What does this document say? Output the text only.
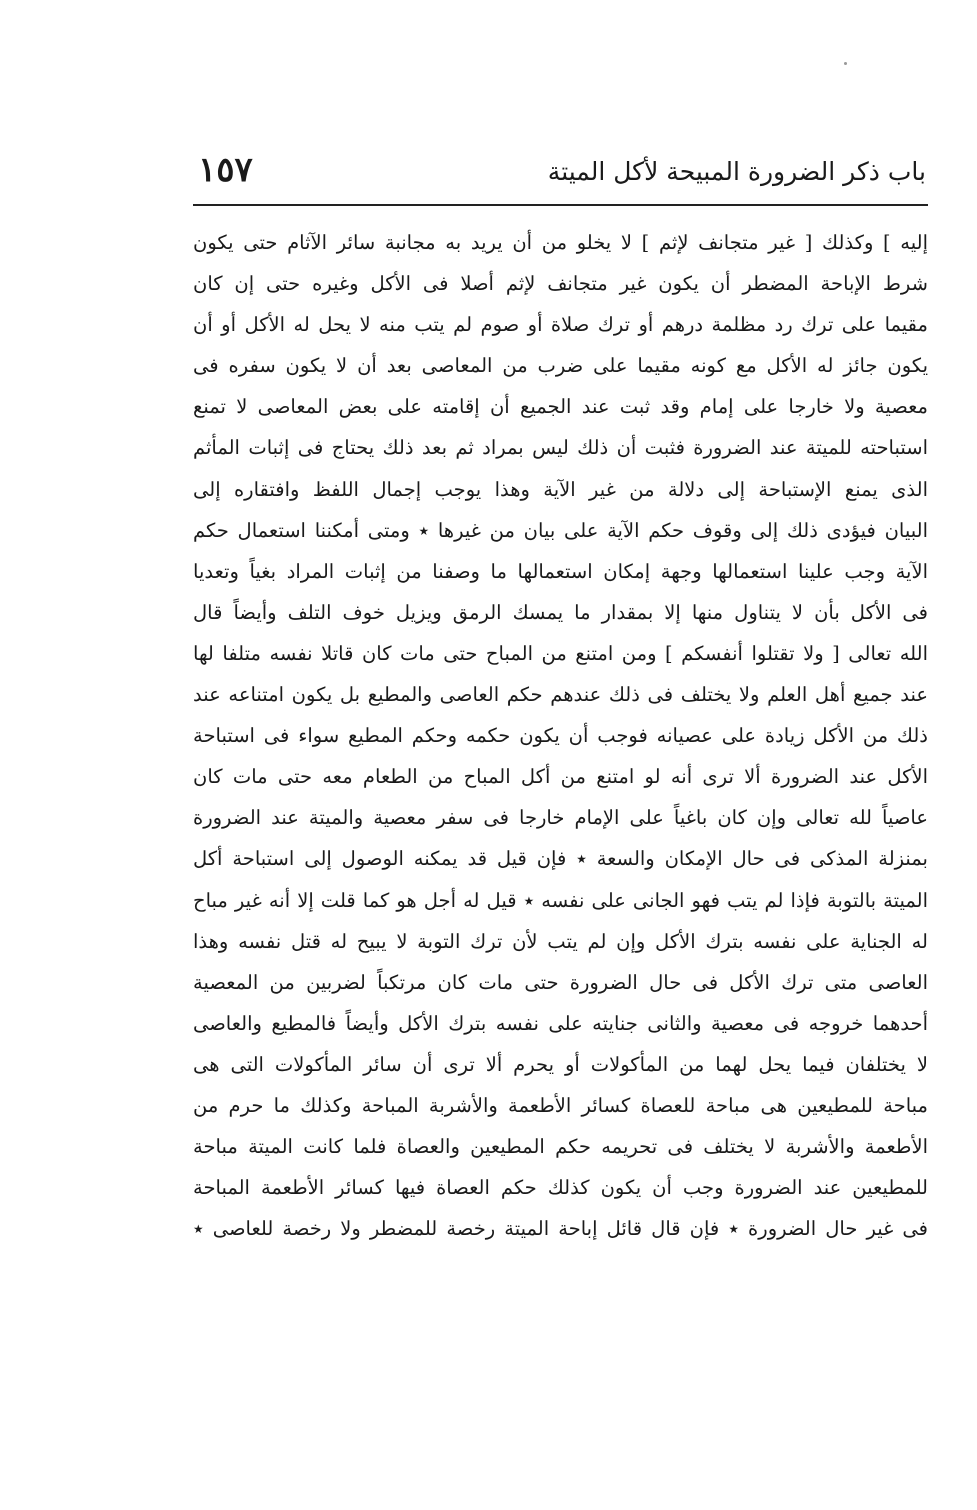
باب ذكر الضرورة المبيحة لأكل الميتة
١٥٧
إليه ] وكذلك [ غير متجانف لإثم ] لا يخلو من أن يريد به مجانبة سائر الآثام حتى يكون
شرط الإباحة المضطر أن يكون غير متجانف لإثم أصلا فى الأكل وغيره حتى إن كان
مقيما على ترك رد مظلمة درهم أو ترك صلاة أو صوم لم يتب منه لا يحل له الأكل أو أن
يكون جائز له الأكل مع كونه مقيما على ضرب من المعاصى بعد أن لا يكون سفره فى
معصية ولا خارجا على إمام وقد ثبت عند الجميع أن إقامته على بعض المعاصى لا تمنع
استباحته للميتة عند الضرورة فثبت أن ذلك ليس بمراد ثم بعد ذلك يحتاج فى إثبات المأثم
الذى يمنع الإستباحة إلى دلالة من غير الآية وهذا يوجب إجمال اللفظ وافتقاره إلى
البيان فيؤدى ذلك إلى وقوف حكم الآية على بيان من غيرها ٭ ومتى أمكننا استعمال حكم
الآية وجب علينا استعمالها وجهة إمكان استعمالها ما وصفنا من إثبات المراد بغياً وتعديا
فى الأكل بأن لا يتناول منها إلا بمقدار ما يمسك الرمق ويزيل خوف التلف وأيضاً قال
الله تعالى [ ولا تقتلوا أنفسكم ] ومن امتنع من المباح حتى مات كان قاتلا نفسه متلفا لها
عند جميع أهل العلم ولا يختلف فى ذلك عندهم حكم العاصى والمطيع بل يكون امتناعه عند
ذلك من الأكل زيادة على عصيانه فوجب أن يكون حكمه وحكم المطيع سواء فى استباحة
الأكل عند الضرورة ألا ترى أنه لو امتنع من أكل المباح من الطعام معه حتى مات كان
عاصياً لله تعالى وإن كان باغياً على الإمام خارجا فى سفر معصية والميتة عند الضرورة
بمنزلة المذكى فى حال الإمكان والسعة ٭ فإن قيل قد يمكنه الوصول إلى استباحة أكل
الميتة بالتوبة فإذا لم يتب فهو الجانى على نفسه ٭ قيل له أجل هو كما قلت إلا أنه غير مباح
له الجناية على نفسه بترك الأكل وإن لم يتب لأن ترك التوبة لا يبيح له قتل نفسه وهذا
العاصى متى ترك الأكل فى حال الضرورة حتى مات كان مرتكباً لضربين من المعصية
أحدهما خروجه فى معصية والثانى جنايته على نفسه بترك الأكل وأيضاً فالمطيع والعاصى
لا يختلفان فيما يحل لهما من المأكولات أو يحرم ألا ترى أن سائر المأكولات التى هى
مباحة للمطيعين هى مباحة للعصاة كسائر الأطعمة والأشربة المباحة وكذلك ما حرم من
الأطعمة والأشربة لا يختلف فى تحريمه حكم المطيعين والعصاة فلما كانت الميتة مباحة
للمطيعين عند الضرورة وجب أن يكون كذلك حكم العصاة فيها كسائر الأطعمة المباحة
فى غير حال الضرورة ٭ فإن قال قائل إباحة الميتة رخصة للمضطر ولا رخصة للعاصى ٭
